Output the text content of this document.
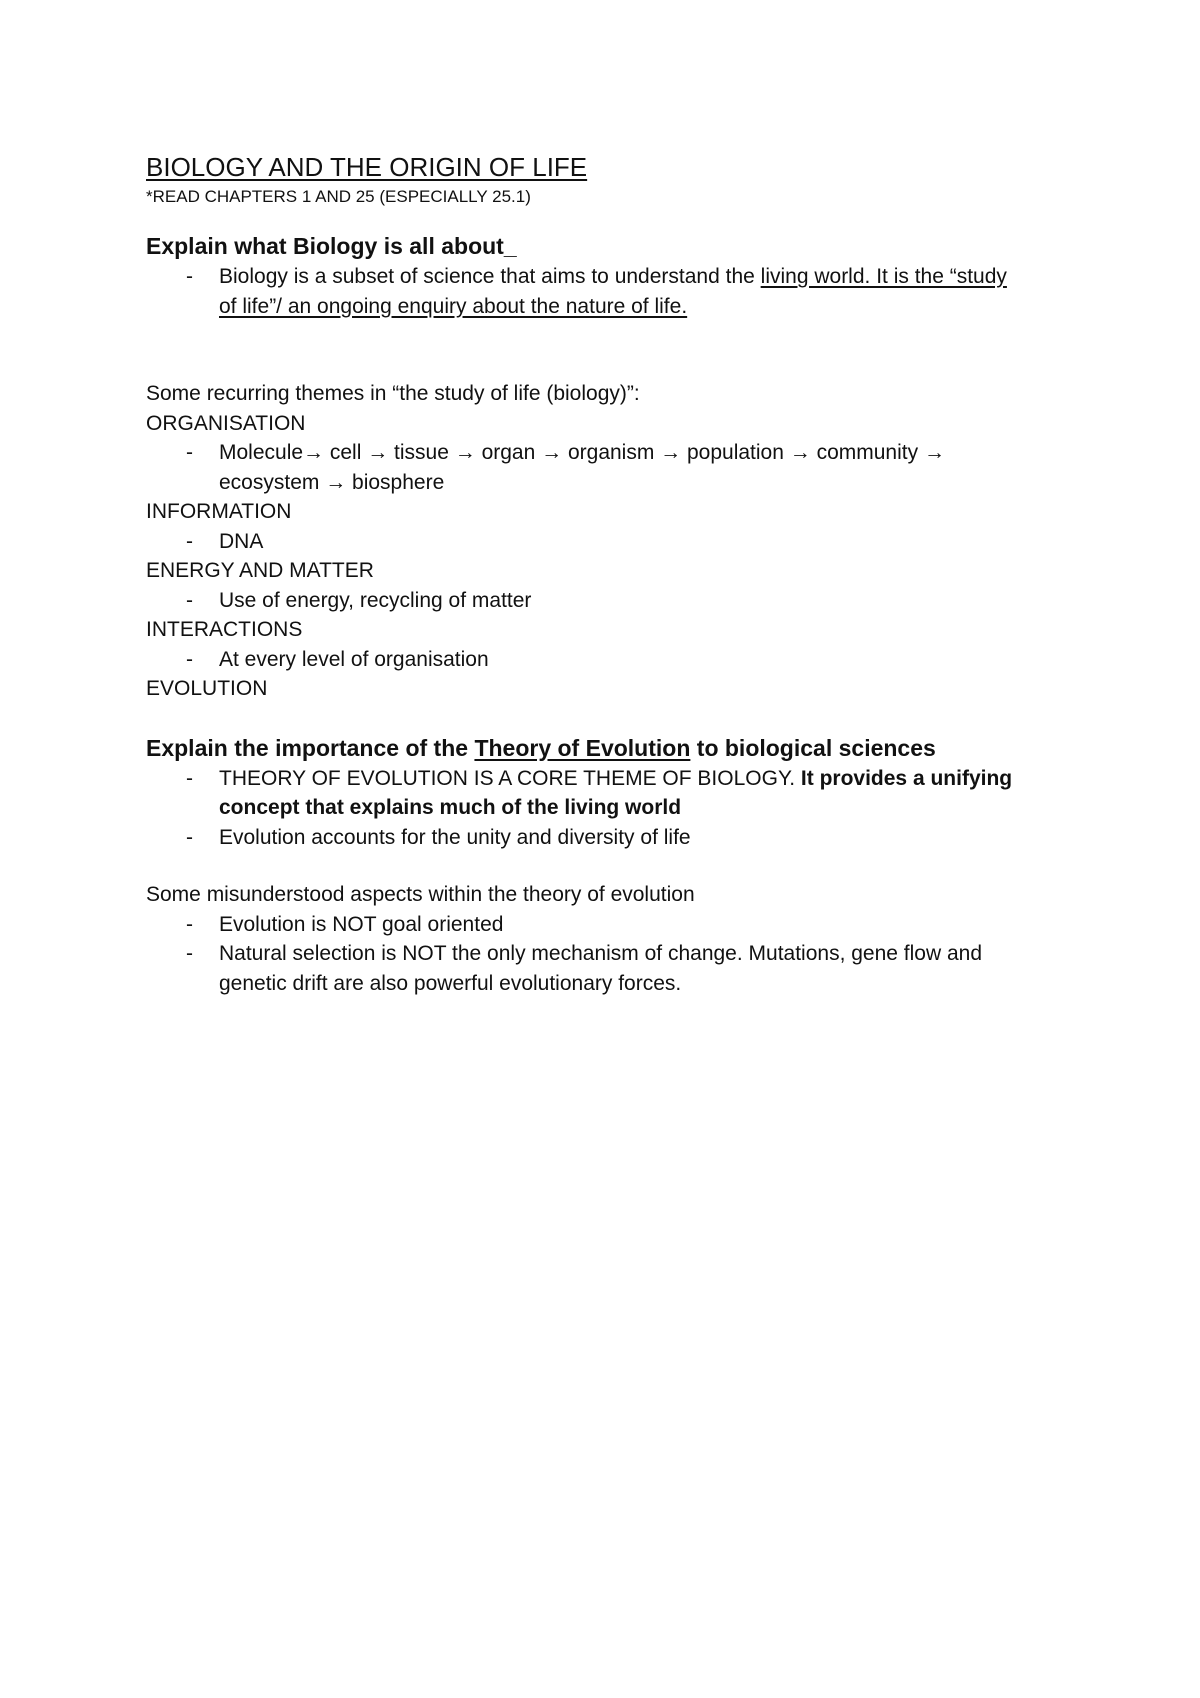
BIOLOGY AND THE ORIGIN OF LIFE

*READ CHAPTERS 1 AND 25 (ESPECIALLY 25.1)

Explain what Biology is all about_

- Biology is a subset of science that aims to understand the living world. It is the “study
of life”/ an ongoing enquiry about the nature of life.

Some recurring themes in “the study of life (biology)”:

ORGANISATION

- Molecule→ cell → tissue → organ → organism → population → community →
ecosystem → biosphere

INFORMATION

- DNA

ENERGY AND MATTER

- Use of energy, recycling of matter

INTERACTIONS

- At every level of organisation

EVOLUTION

Explain the importance of the Theory of Evolution to biological sciences

- THEORY OF EVOLUTION IS A CORE THEME OF BIOLOGY. It provides a unifying
concept that explains much of the living world

- Evolution accounts for the unity and diversity of life

Some misunderstood aspects within the theory of evolution

- Evolution is NOT goal oriented

- Natural selection is NOT the only mechanism of change. Mutations, gene flow and
genetic drift are also powerful evolutionary forces.
